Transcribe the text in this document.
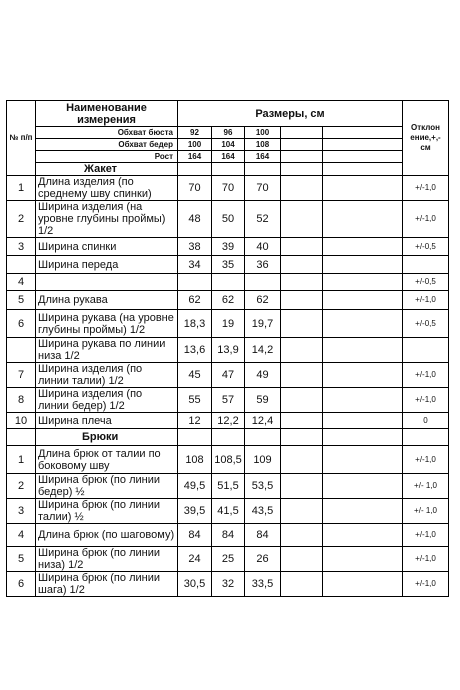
№ п/п	Наименование измерения	Размеры, см					Отклон ение,+,- см
	Обхват бюста	92	96	100			
	Обхват бедер	100	104	108			
	Рост	164	164	164			
	Жакет						
1	Длина изделия (по среднему шву спинки)	70	70	70			+/-1,0
2	Ширина изделия (на уровне глубины проймы) 1/2	48	50	52			+/-1,0
3	Ширина спинки	38	39	40			+/-0,5
	Ширина переда	34	35	36			
4							+/-0,5
5	Длина рукава	62	62	62			+/-1,0
6	Ширина рукава (на уровне глубины проймы) 1/2	18,3	19	19,7			+/-0,5
	Ширина рукава по линии низа 1/2	13,6	13,9	14,2			
7	Ширина изделия (по линии талии) 1/2	45	47	49			+/-1,0
8	Ширина изделия (по линии бедер) 1/2	55	57	59			+/-1,0
10	Ширина плеча	12	12,2	12,4			0
	Брюки						
1	Длина брюк от талии по боковому шву	108	108,5	109			+/-1,0
2	Ширина брюк (по линии бедер) ½	49,5	51,5	53,5			+/- 1,0
3	Ширина брюк (по линии талии) ½	39,5	41,5	43,5			+/- 1,0
4	Длина брюк (по шаговому)	84	84	84			+/-1,0
5	Ширина брюк (по линии низа) 1/2	24	25	26			+/-1,0
6	Ширина брюк (по линии шага) 1/2	30,5	32	33,5			+/-1,0
